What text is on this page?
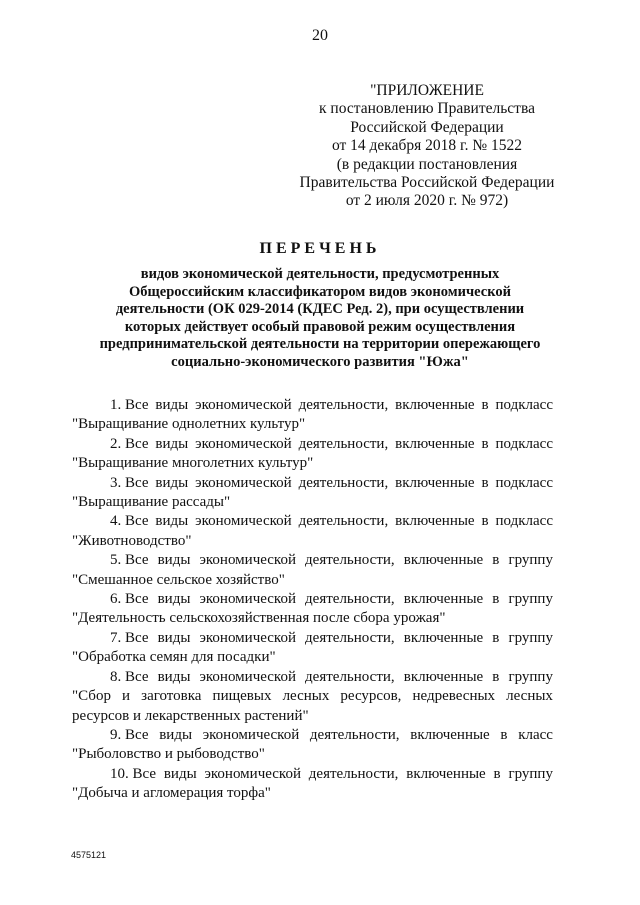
20
"ПРИЛОЖЕНИЕ
к постановлению Правительства
Российской Федерации
от 14 декабря 2018 г. № 1522
(в редакции постановления
Правительства Российской Федерации
от 2 июля 2020 г. № 972)
ПЕРЕЧЕНЬ
видов экономической деятельности, предусмотренных
Общероссийским классификатором видов экономической
деятельности (ОК 029-2014 (КДЕС Ред. 2), при осуществлении
которых действует особый правовой режим осуществления
предпринимательской деятельности на территории опережающего
социально-экономического развития "Южа"
1. Все виды экономической деятельности, включенные в подкласс
"Выращивание однолетних культур"
2. Все виды экономической деятельности, включенные в подкласс
"Выращивание многолетних культур"
3. Все виды экономической деятельности, включенные в подкласс
"Выращивание рассады"
4. Все виды экономической деятельности, включенные в подкласс
"Животноводство"
5. Все виды экономической деятельности, включенные в группу
"Смешанное сельское хозяйство"
6. Все виды экономической деятельности, включенные в группу
"Деятельность сельскохозяйственная после сбора урожая"
7. Все виды экономической деятельности, включенные в группу
"Обработка семян для посадки"
8. Все виды экономической деятельности, включенные в группу
"Сбор и заготовка пищевых лесных ресурсов, недревесных лесных
ресурсов и лекарственных растений"
9. Все виды экономической деятельности, включенные в класс
"Рыболовство и рыбоводство"
10. Все виды экономической деятельности, включенные в группу
"Добыча и агломерация торфа"
4575121
